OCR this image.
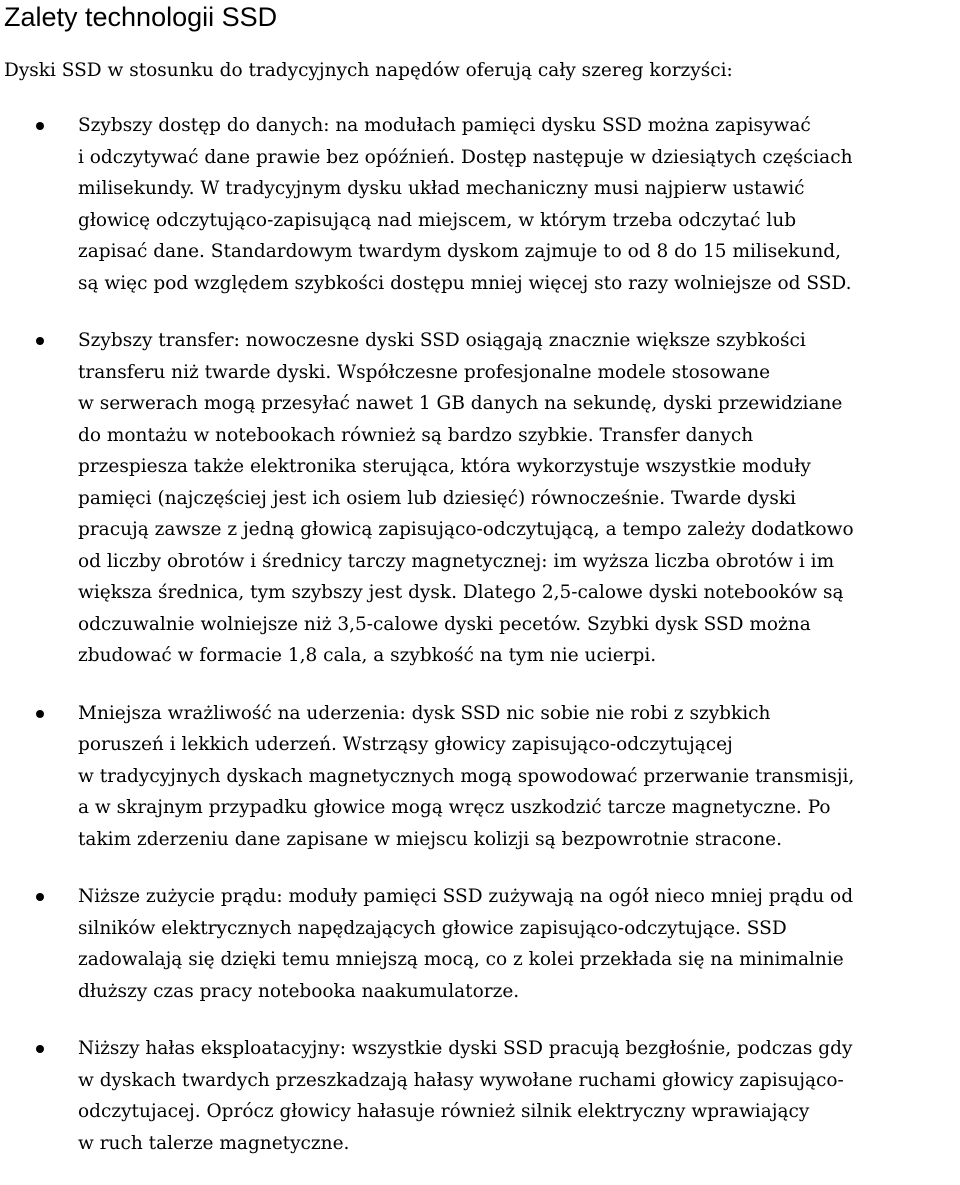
Zalety technologii SSD

Dyski SSD w stosunku do tradycyjnych napędów oferują cały szereg korzyści:

Szybszy dostęp do danych: na modułach pamięci dysku SSD można zapisywać
i odczytywać dane prawie bez opóźnień. Dostęp następuje w dziesiątych częściach
milisekundy. W tradycyjnym dysku układ mechaniczny musi najpierw ustawić
głowicę odczytująco-zapisującą nad miejscem, w którym trzeba odczytać lub
zapisać dane. Standardowym twardym dyskom zajmuje to od 8 do 15 milisekund,
są więc pod względem szybkości dostępu mniej więcej sto razy wolniejsze od SSD.
Szybszy transfer: nowoczesne dyski SSD osiągają znacznie większe szybkości
transferu niż twarde dyski. Współczesne profesjonalne modele stosowane
w serwerach mogą przesyłać nawet 1 GB danych na sekundę, dyski przewidziane
do montażu w notebookach również są bardzo szybkie. Transfer danych
przespiesza także elektronika sterująca, która wykorzystuje wszystkie moduły
pamięci (najczęściej jest ich osiem lub dziesięć) równocześnie. Twarde dyski
pracują zawsze z jedną głowicą zapisująco-odczytującą, a tempo zależy dodatkowo
od liczby obrotów i średnicy tarczy magnetycznej: im wyższa liczba obrotów i im
większa średnica, tym szybszy jest dysk. Dlatego 2,5-calowe dyski notebooków są
odczuwalnie wolniejsze niż 3,5-calowe dyski pecetów. Szybki dysk SSD można
zbudować w formacie 1,8 cala, a szybkość na tym nie ucierpi.
Mniejsza wrażliwość na uderzenia: dysk SSD nic sobie nie robi z szybkich
poruszeń i lekkich uderzeń. Wstrząsy głowicy zapisująco-odczytującej
w tradycyjnych dyskach magnetycznych mogą spowodować przerwanie transmisji,
a w skrajnym przypadku głowice mogą wręcz uszkodzić tarcze magnetyczne. Po
takim zderzeniu dane zapisane w miejscu kolizji są bezpowrotnie stracone.
Niższe zużycie prądu: moduły pamięci SSD zużywają na ogół nieco mniej prądu od
silników elektrycznych napędzających głowice zapisująco-odczytujące. SSD
zadowalają się dzięki temu mniejszą mocą, co z kolei przekłada się na minimalnie
dłuższy czas pracy notebooka naakumulatorze.
Niższy hałas eksploatacyjny: wszystkie dyski SSD pracują bezgłośnie, podczas gdy
w dyskach twardych przeszkadzają hałasy wywołane ruchami głowicy zapisująco-
odczytujacej. Oprócz głowicy hałasuje również silnik elektryczny wprawiający
w ruch talerze magnetyczne.
